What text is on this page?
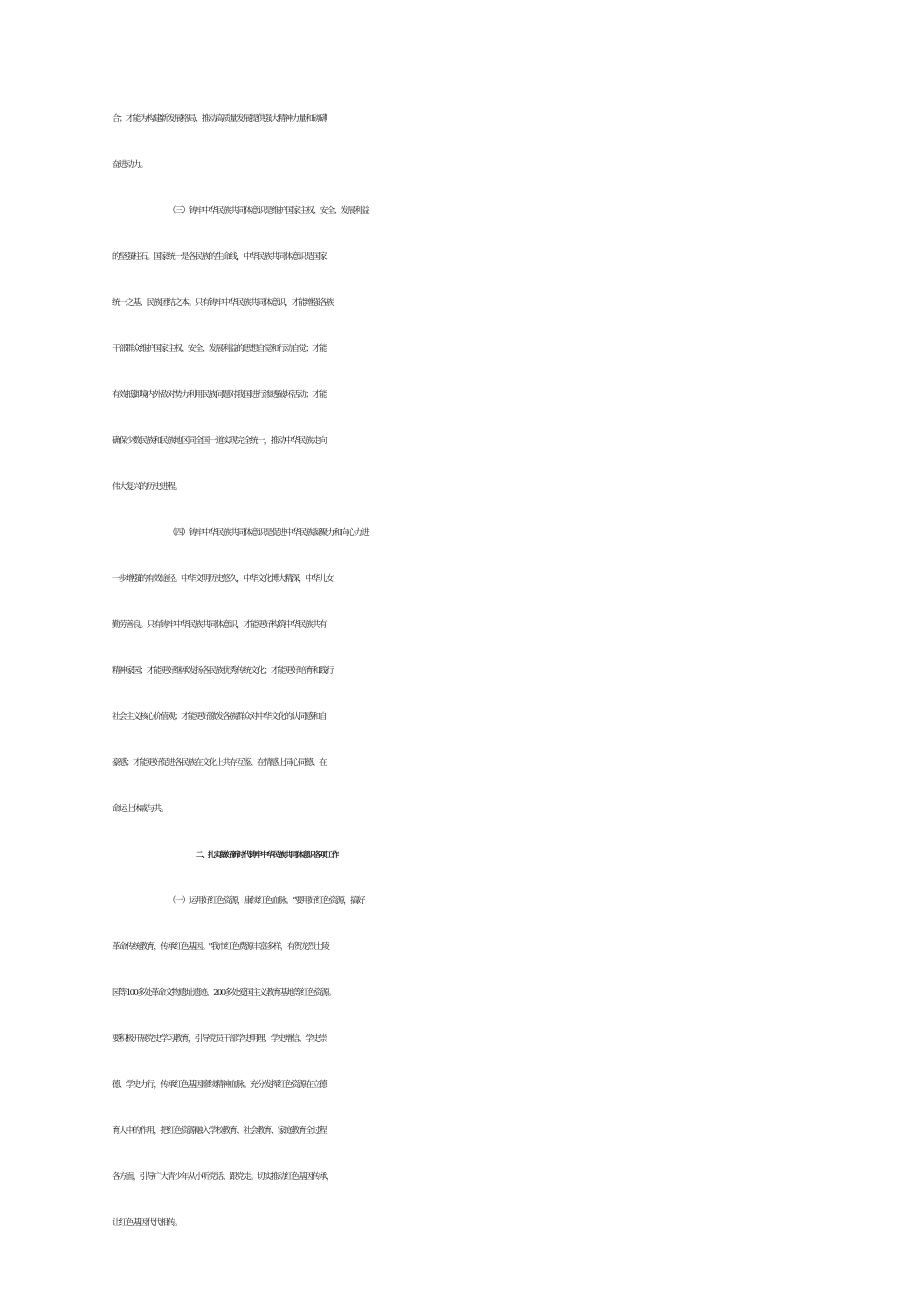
合；才能为构建新发展格局、推动高质量发展提供强大精神力量和磅礴
奋进动力。
（三）铸牢中华民族共同体意识是维护国家主权、安全、发展利益
的坚强柱石。国家统一是各民族的生命线，中华民族共同体意识是国家
统一之基、民族团结之本。只有铸牢中华民族共同体意识，才能增强各族
干部群众维护国家主权、安全、发展利益的思想自觉和行动自觉；才能
有效抵御境内外敌对势力利用民族问题对我国进行渗透破坏活动；才能
确保少数民族和民族地区同全国一道实现完全统一，推动中华民族走向
伟大复兴的历史进程。
（四）铸牢中华民族共同体意识是促进中华民族凝聚力和向心力进
一步增强的有效途径。中华文明历史悠久，中华文化博大精深，中华儿女
勤劳善良。只有铸牢中华民族共同体意识，才能更好构筑中华民族共有
精神家园；才能更好继承发扬各民族优秀传统文化；才能更好培育和践行
社会主义核心价值观；才能更好激发各族群众对中华文化的认同感和自
豪感；才能更好促进各民族在文化上共存互鉴、在情感上同心同德、在
命运上休戚与共。
二、扎实做好新时代铸牢中华民族共同体意识各项工作
（一）运用好红色资源，康续红色血脉。“要用好红色资源，搞好
革命传统教育，传承红色基因。"我市红色费源丰富多样，有贺龙烈士陵
园等100多处革命文物遗址遗迹、200多处爱国主义教育基地等红色资源。
要积极开展党史学习教育，引导党员干部学史明理、学史增信、学史崇
德、学史力行，传承红色基因廖续精神血脉。充分发挥红色资源在立德
育人中的作用，把红色资源融入学校教育、社会教育、家庭教育全过程
各方面，引导广大青少年从小听党话、跟党走。切实推动红色基因传承，
让红色基因代代相传。
